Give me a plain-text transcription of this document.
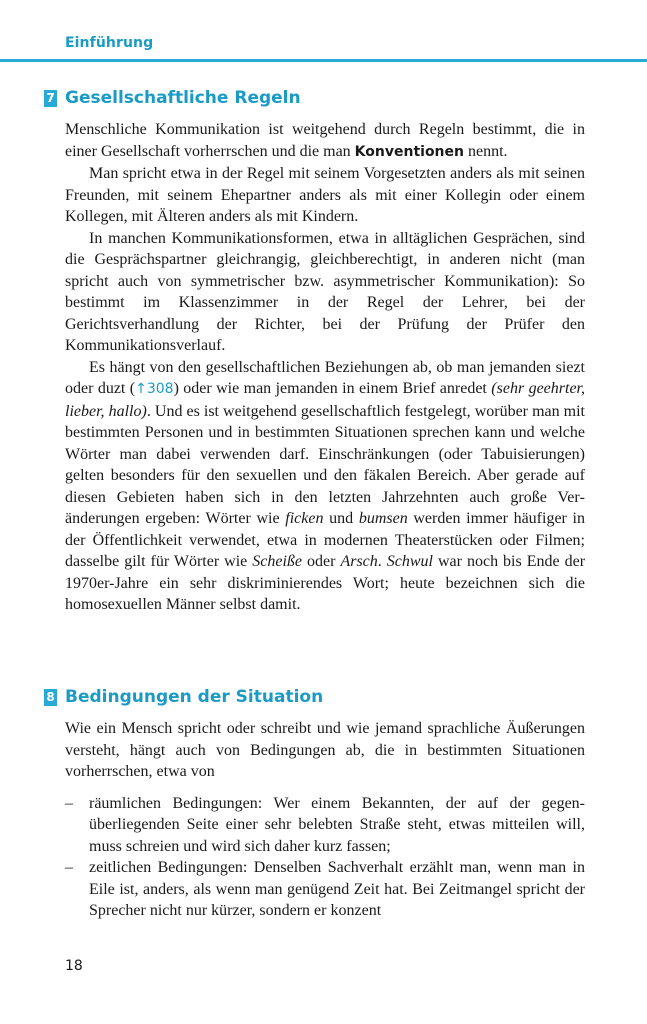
Einführung
7 Gesellschaftliche Regeln

Menschliche Kommunikation ist weitgehend durch Regeln bestimmt, die in einer Gesellschaft vorherrschen und die man Konventionen nennt.

Man spricht etwa in der Regel mit seinem Vorgesetzten anders als mit seinen Freunden, mit seinem Ehepartner anders als mit einer Kollegin oder einem Kollegen, mit Älteren anders als mit Kindern.

In manchen Kommunikationsformen, etwa in alltäglichen Gesprächen, sind die Gesprächspartner gleichrangig, gleichberechtigt, in anderen nicht (man spricht auch von symmetrischer bzw. asymmetrischer Kommunikation): So bestimmt im Klassenzimmer in der Regel der Lehrer, bei der Gerichtsverhandlung der Richter, bei der Prüfung der Prüfer den Kommunikationsverlauf.

Es hängt von den gesellschaftlichen Beziehungen ab, ob man jemanden siezt oder duzt (↑308) oder wie man jemanden in einem Brief anredet (sehr geehrter, lieber, hallo). Und es ist weitgehend gesellschaftlich festgelegt, worüber man mit bestimmten Personen und in bestimmten Situationen sprechen kann und welche Wörter man dabei verwenden darf. Einschränkungen (oder Tabuisierungen) gelten besonders für den sexuellen und den fäkalen Bereich. Aber gerade auf diesen Gebieten haben sich in den letzten Jahrzehnten auch große Veränderungen ergeben: Wörter wie ficken und bumsen werden immer häufiger in der Öffentlichkeit verwendet, etwa in modernen Theaterstücken oder Filmen; dasselbe gilt für Wörter wie Scheiße oder Arsch. Schwul war noch bis Ende der 1970er-Jahre ein sehr diskriminierendes Wort; heute bezeichnen sich die homosexuellen Männer selbst damit.

8 Bedingungen der Situation

Wie ein Mensch spricht oder schreibt und wie jemand sprachliche Äußerungen versteht, hängt auch von Bedingungen ab, die in bestimmten Situationen vorherrschen, etwa von

– räumlichen Bedingungen: Wer einem Bekannten, der auf der gegenüberliegenden Seite einer sehr belebten Straße steht, etwas mitteilen will, muss schreien und wird sich daher kurz fassen;
– zeitlichen Bedingungen: Denselben Sachverhalt erzählt man, wenn man in Eile ist, anders, als wenn man genügend Zeit hat. Bei Zeitmangel spricht der Sprecher nicht nur kürzer, sondern er konzent
18
